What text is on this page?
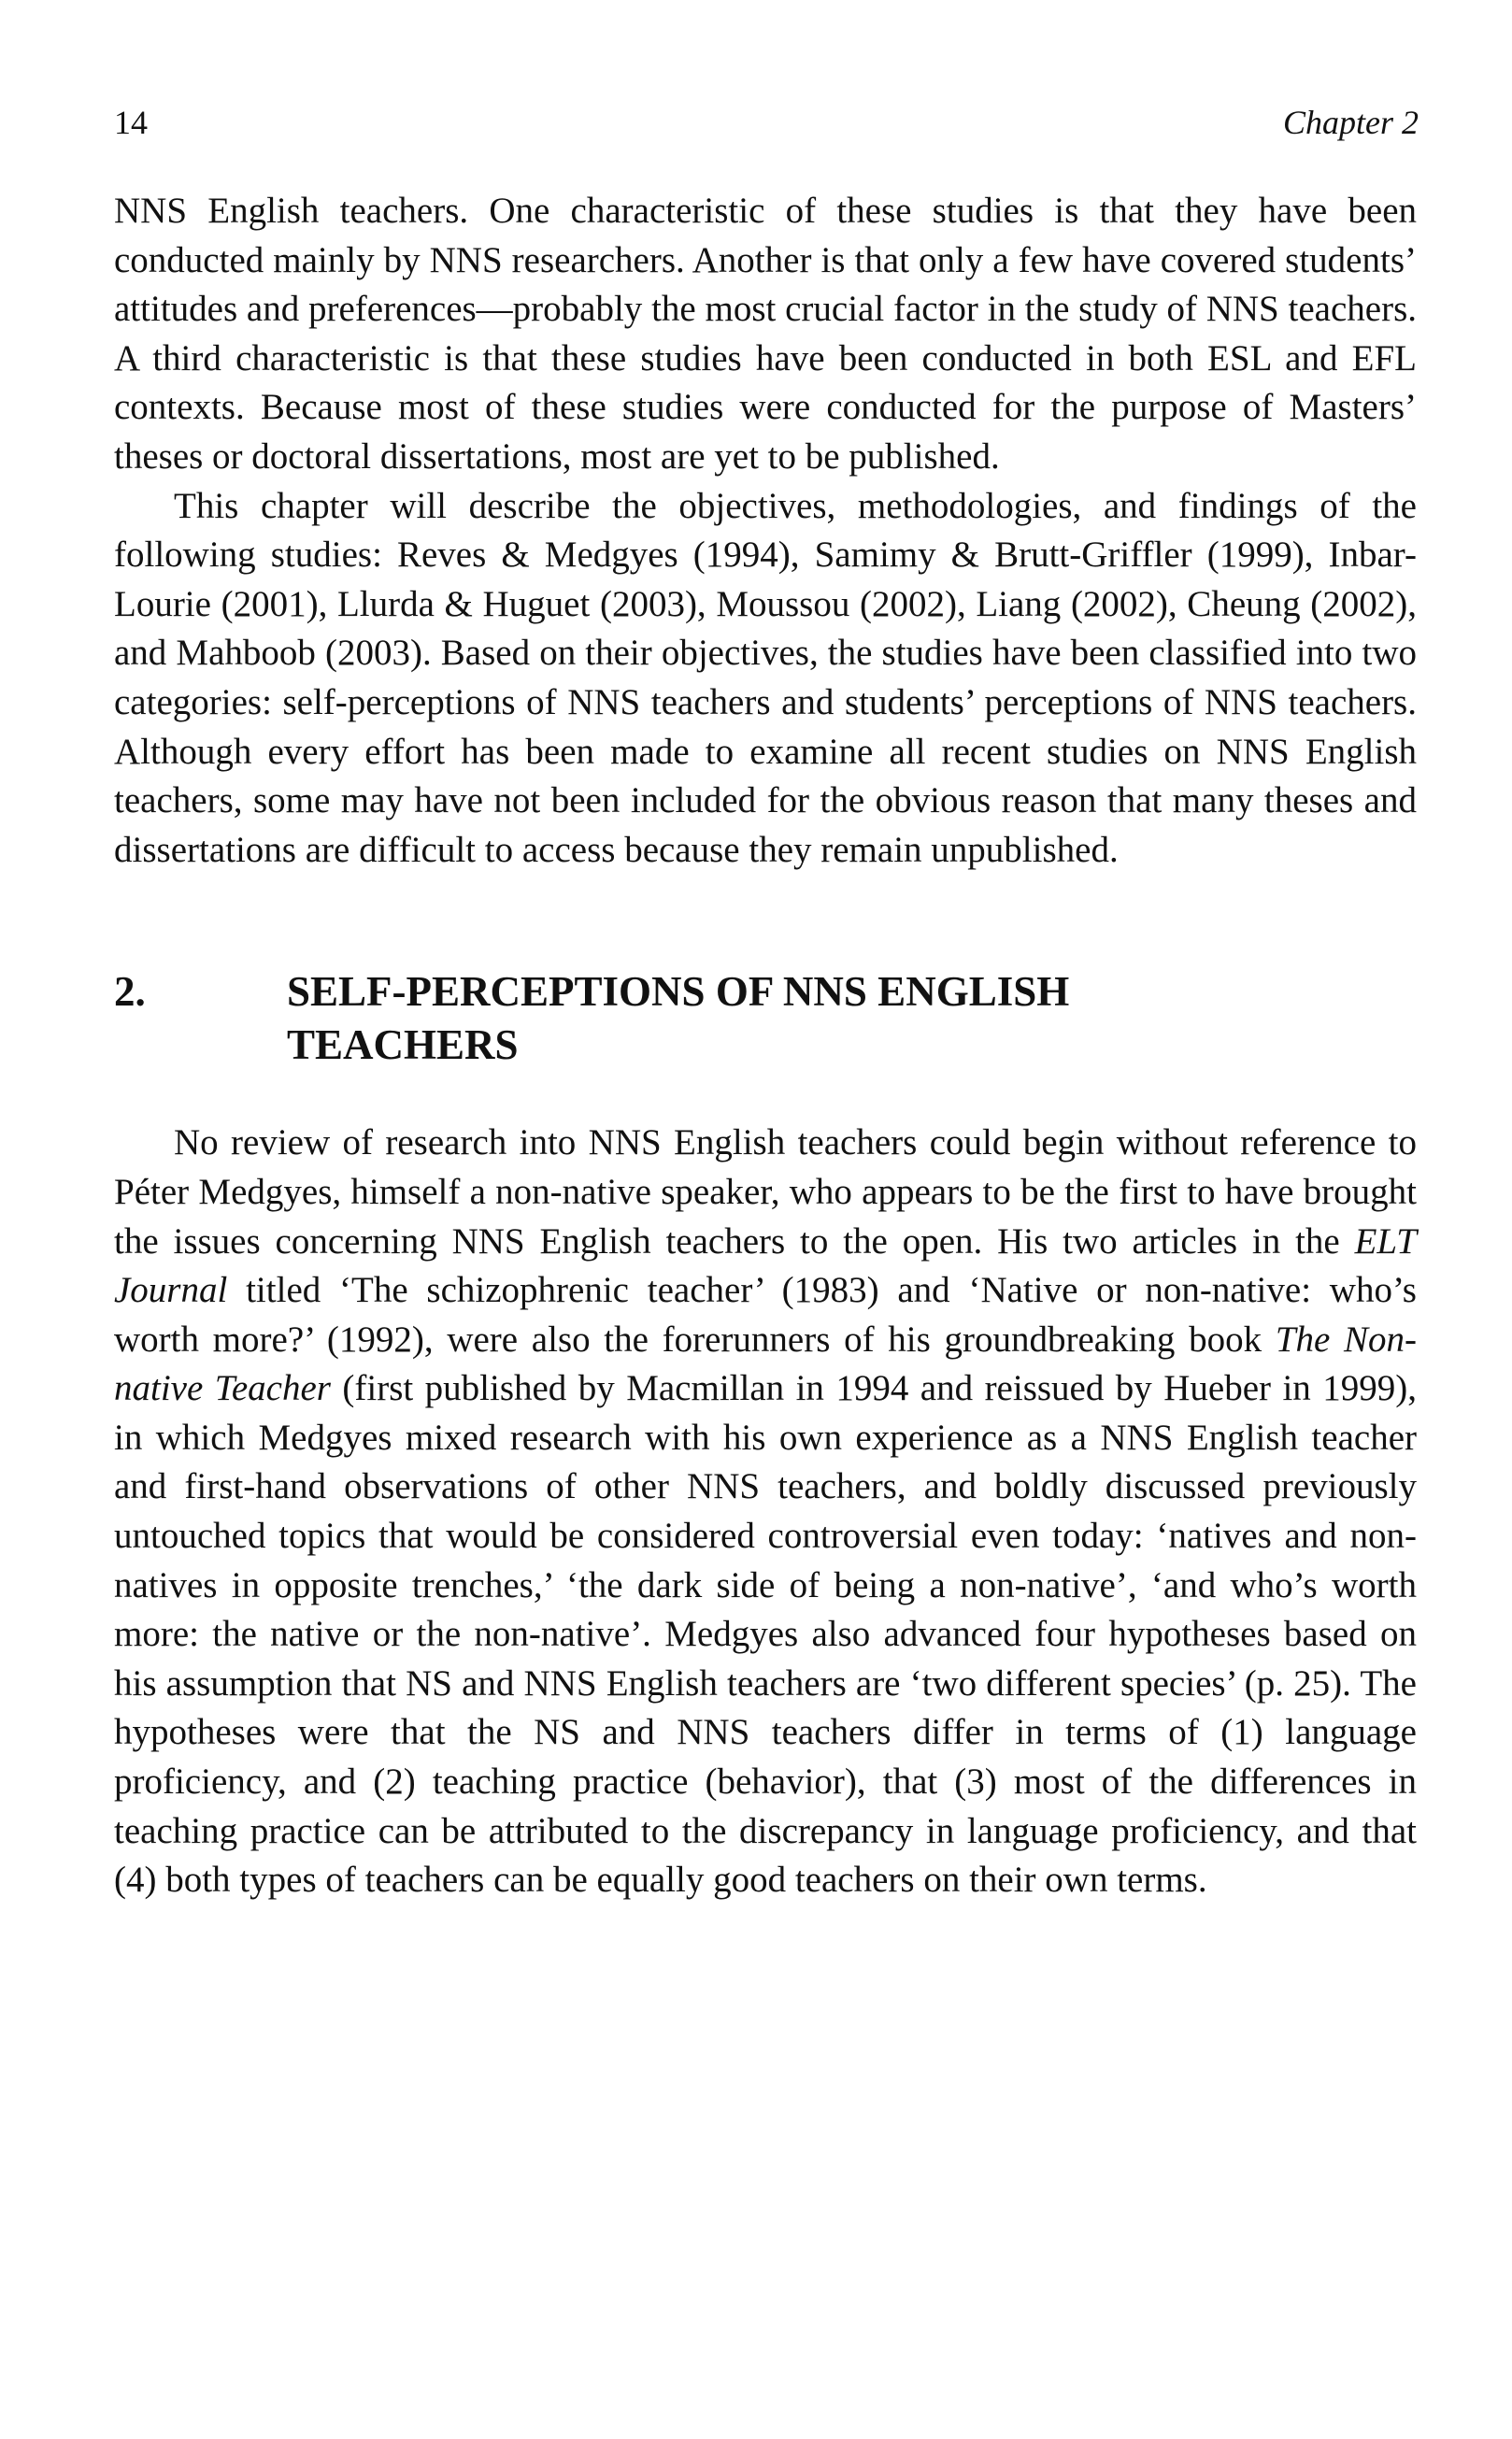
14	Chapter 2

NNS English teachers. One characteristic of these studies is that they have been conducted mainly by NNS researchers. Another is that only a few have covered students’ attitudes and preferences—probably the most crucial factor in the study of NNS teachers. A third characteristic is that these studies have been conducted in both ESL and EFL contexts. Because most of these studies were conducted for the purpose of Masters’ theses or doctoral dissertations, most are yet to be published.

This chapter will describe the objectives, methodologies, and findings of the following studies: Reves & Medgyes (1994), Samimy & Brutt-Griffler (1999), Inbar-Lourie (2001), Llurda & Huguet (2003), Moussou (2002), Liang (2002), Cheung (2002), and Mahboob (2003). Based on their objectives, the studies have been classified into two categories: self-perceptions of NNS teachers and students’ perceptions of NNS teachers. Although every effort has been made to examine all recent studies on NNS English teachers, some may have not been included for the obvious reason that many theses and dissertations are difficult to access because they remain unpublished.

2.	SELF-PERCEPTIONS OF NNS ENGLISH TEACHERS

No review of research into NNS English teachers could begin without reference to Péter Medgyes, himself a non-native speaker, who appears to be the first to have brought the issues concerning NNS English teachers to the open. His two articles in the ELT Journal titled ‘The schizophrenic teacher’ (1983) and ‘Native or non-native: who’s worth more?’ (1992), were also the forerunners of his groundbreaking book The Non-native Teacher (first published by Macmillan in 1994 and reissued by Hueber in 1999), in which Medgyes mixed research with his own experience as a NNS English teacher and first-hand observations of other NNS teachers, and boldly discussed previously untouched topics that would be considered controversial even today: ‘natives and non-natives in opposite trenches,’ ‘the dark side of being a non-native’, ‘and who’s worth more: the native or the non-native’. Medgyes also advanced four hypotheses based on his assumption that NS and NNS English teachers are ‘two different species’ (p. 25). The hypotheses were that the NS and NNS teachers differ in terms of (1) language proficiency, and (2) teaching practice (behavior), that (3) most of the differences in teaching practice can be attributed to the discrepancy in language proficiency, and that (4) both types of teachers can be equally good teachers on their own terms.
